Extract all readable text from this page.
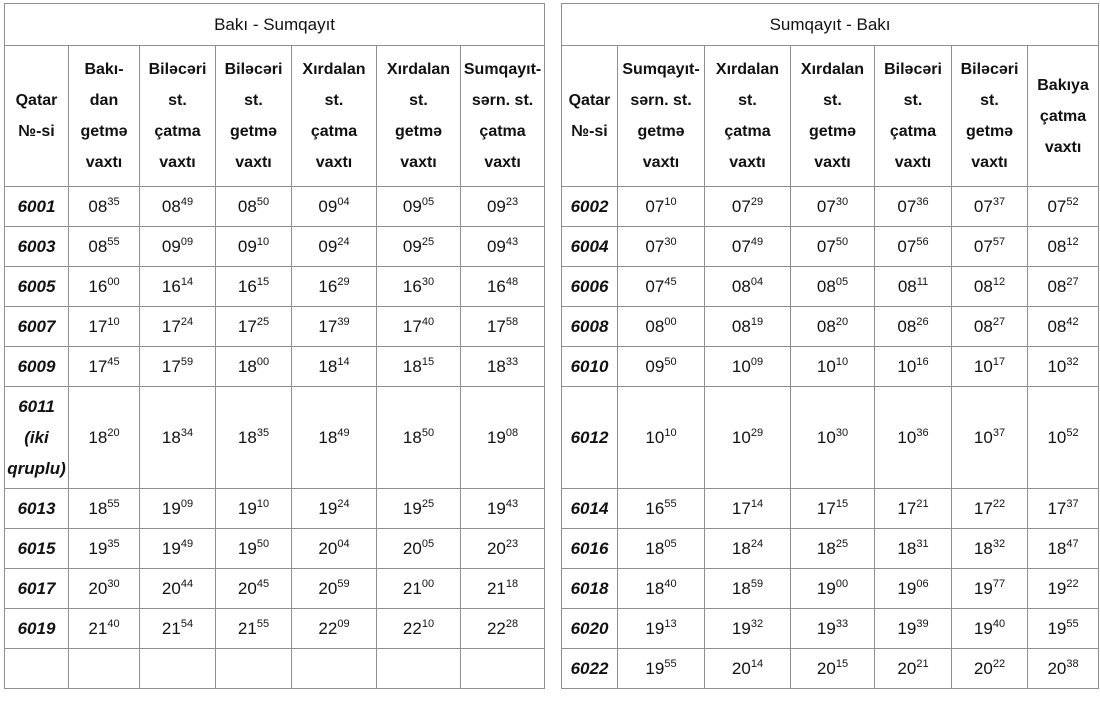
Bakı - Sumqayıt						

Qatar
№-si	Bakı-
dan
getmə
vaxtı	Biləcəri
st.
çatma
vaxtı	Biləcəri
st.
getmə
vaxtı	Xırdalan
st.
çatma
vaxtı	Xırdalan
st.
getmə
vaxtı	Sumqayıt-
sərn. st.
çatma
vaxtı

6001	$08^{35}$	$08^{49}$	$08^{50}$	$09^{04}$	$09^{05}$	$09^{23}$

6003	$08^{55}$	$09^{09}$	$09^{10}$	$09^{24}$	$09^{25}$	$09^{43}$

6005	$16^{00}$	$16^{14}$	$16^{15}$	$16^{29}$	$16^{30}$	$16^{48}$

6007	$17^{10}$	$17^{24}$	$17^{25}$	$17^{39}$	$17^{40}$	$17^{58}$

6009	$17^{45}$	$17^{59}$	$18^{00}$	$18^{14}$	$18^{15}$	$18^{33}$

6011
(iki
qruplu)	$18^{20}$	$18^{34}$	$18^{35}$	$18^{49}$	$18^{50}$	$19^{08}$

6013	$18^{55}$	$19^{09}$	$19^{10}$	$19^{24}$	$19^{25}$	$19^{43}$

6015	$19^{35}$	$19^{49}$	$19^{50}$	$20^{04}$	$20^{05}$	$20^{23}$

6017	$20^{30}$	$20^{44}$	$20^{45}$	$20^{59}$	$21^{00}$	$21^{18}$

6019	$21^{40}$	$21^{54}$	$21^{55}$	$22^{09}$	$22^{10}$	$22^{28}$

Sumqayıt - Bakı						

Qatar
№-si	Sumqayıt-
sərn. st.
getmə
vaxtı	Xırdalan
st.
çatma
vaxtı	Xırdalan
st.
getmə
vaxtı	Biləcəri
st.
çatma
vaxtı	Biləcəri
st.
getmə
vaxtı	Bakıya
çatma
vaxtı

6002	$07^{10}$	$07^{29}$	$07^{30}$	$07^{36}$	$07^{37}$	$07^{52}$

6004	$07^{30}$	$07^{49}$	$07^{50}$	$07^{56}$	$07^{57}$	$08^{12}$

6006	$07^{45}$	$08^{04}$	$08^{05}$	$08^{11}$	$08^{12}$	$08^{27}$

6008	$08^{00}$	$08^{19}$	$08^{20}$	$08^{26}$	$08^{27}$	$08^{42}$

6010	$09^{50}$	$10^{09}$	$10^{10}$	$10^{16}$	$10^{17}$	$10^{32}$

6012	$10^{10}$	$10^{29}$	$10^{30}$	$10^{36}$	$10^{37}$	$10^{52}$

6014	$16^{55}$	$17^{14}$	$17^{15}$	$17^{21}$	$17^{22}$	$17^{37}$

6016	$18^{05}$	$18^{24}$	$18^{25}$	$18^{31}$	$18^{32}$	$18^{47}$

6018	$18^{40}$	$18^{59}$	$19^{00}$	$19^{06}$	$19^{77}$	$19^{22}$

6020	$19^{13}$	$19^{32}$	$19^{33}$	$19^{39}$	$19^{40}$	$19^{55}$

6022	$19^{55}$	$20^{14}$	$20^{15}$	$20^{21}$	$20^{22}$	$20^{38}$
